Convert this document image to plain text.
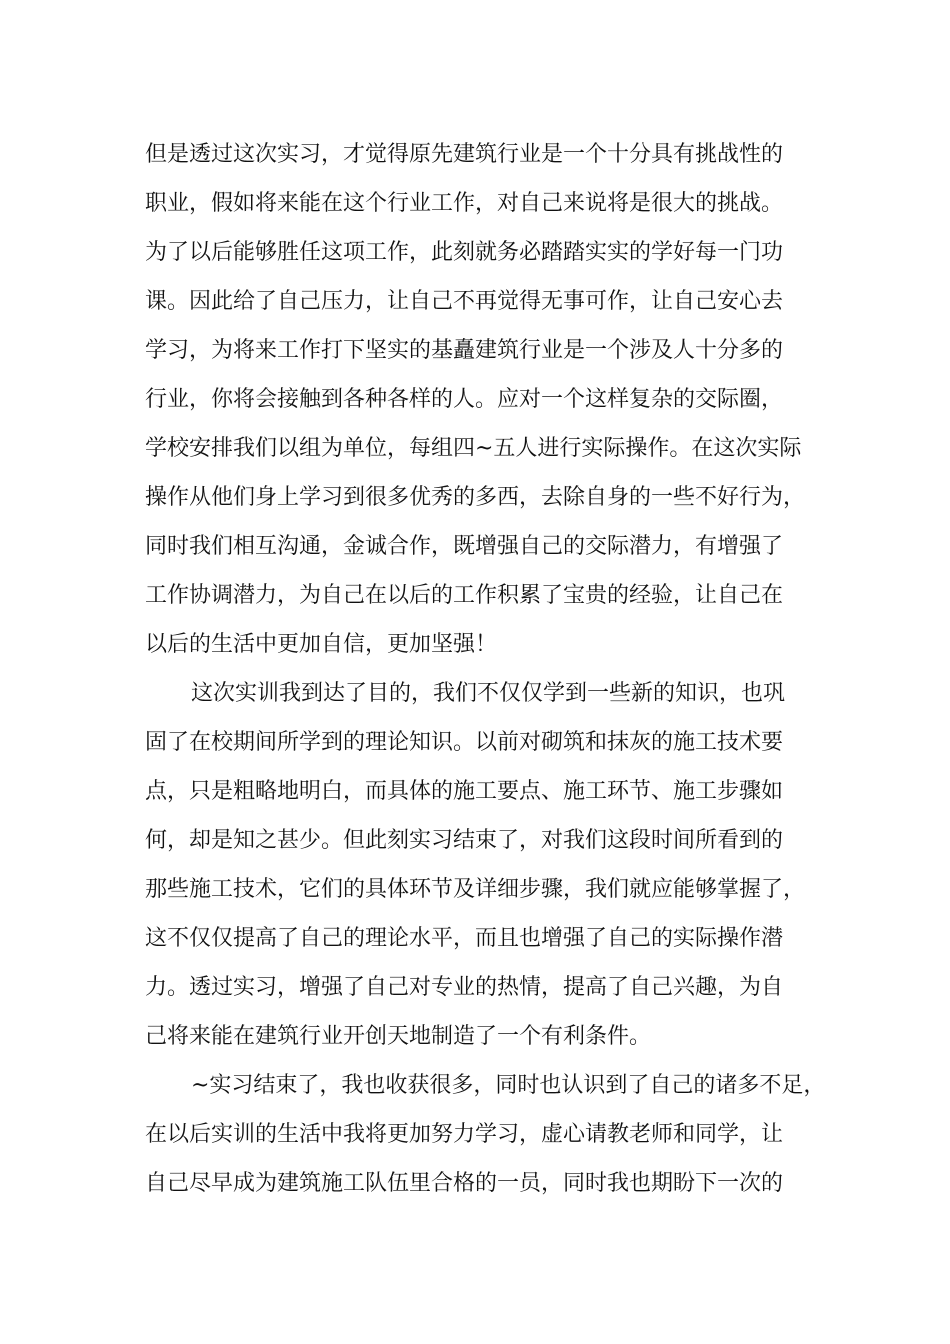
但是透过这次实习，才觉得原先建筑行业是一个十分具有挑战性的
职业，假如将来能在这个行业工作，对自己来说将是很大的挑战。
为了以后能够胜任这项工作，此刻就务必踏踏实实的学好每一门功
课。因此给了自己压力，让自己不再觉得无事可作，让自己安心去
学习，为将来工作打下坚实的基矗建筑行业是一个涉及人十分多的
行业，你将会接触到各种各样的人。应对一个这样复杂的交际圈，
学校安排我们以组为单位，每组四~五人进行实际操作。在这次实际
操作从他们身上学习到很多优秀的多西，去除自身的一些不好行为，
同时我们相互沟通，金诚合作，既增强自己的交际潜力，有增强了
工作协调潜力，为自己在以后的工作积累了宝贵的经验，让自己在
以后的生活中更加自信，更加坚强！
这次实训我到达了目的，我们不仅仅学到一些新的知识，也巩
固了在校期间所学到的理论知识。以前对砌筑和抹灰的施工技术要
点，只是粗略地明白，而具体的施工要点、施工环节、施工步骤如
何，却是知之甚少。但此刻实习结束了，对我们这段时间所看到的
那些施工技术，它们的具体环节及详细步骤，我们就应能够掌握了，
这不仅仅提高了自己的理论水平，而且也增强了自己的实际操作潜
力。透过实习，增强了自己对专业的热情，提高了自己兴趣，为自
己将来能在建筑行业开创天地制造了一个有利条件。
~实习结束了，我也收获很多，同时也认识到了自己的诸多不足，
在以后实训的生活中我将更加努力学习，虚心请教老师和同学，让
自己尽早成为建筑施工队伍里合格的一员，同时我也期盼下一次的
